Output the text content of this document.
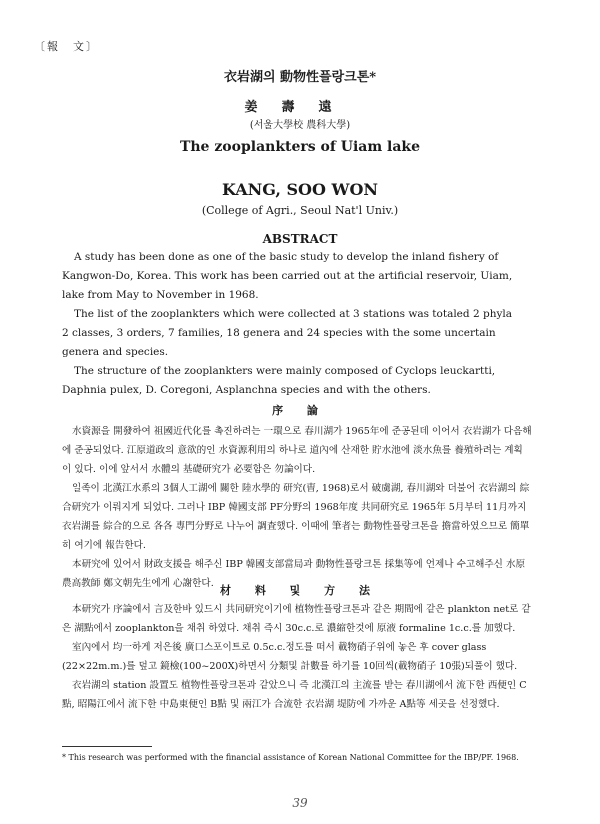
〔報　文〕
衣岩湖의 動物性플랑크톤*
姜壽遠
(서울大學校 農科大學)
The zooplankters of Uiam lake
KANG, SOO WON
(College of Agri., Seoul Nat'l Univ.)
ABSTRACT

A study has been done as one of the basic study to develop the inland fishery of Kangwon-Do, Korea. This work has been carried out at the artificial reservoir, Uiam, lake from May to November in 1968.

The list of the zooplankters which were collected at 3 stations was totaled 2 phyla 2 classes, 3 orders, 7 families, 18 genera and 24 species with the some uncertain genera and species.

The structure of the zooplankters were mainly composed of Cyclops leuckartti, Daphnia pulex, D. Coregoni, Asplanchna species and with the others.

序 論

水資源을 開發하여 祖國近代化를 촉진하려는 一環으로 春川湖가 1965年에 준공된데 이어서 衣岩湖가 다음해에 준공되었다. 江原道政의 意欲的인 水資源利用의 하나로 道內에 산재한 貯水池에 淡水魚를 養殖하려는 계획이 있다. 이에 앞서서 水體의 基礎研究가 必要함은 勿論이다.

일족이 北漢江水系의 3個人工湖에 關한 陸水學的 研究(曺, 1968)로서 破虜湖, 春川湖와 더불어 衣岩湖의 綜合研究가 이뤄지게 되었다. 그러나 IBP 韓國支部 PF分野의 1968年度 共同研究로 1965年 5月부터 11月까지 衣岩湖를 綜合的으로 各各 專門分野로 나누어 調査했다. 이때에 筆者는 動物性플랑크톤을 擔當하였으므로 簡單히 여기에 報告한다.

本研究에 있어서 財政支援을 해주신 IBP 韓國支部當局과 動物性플랑크톤 採集等에 언제나 수고해주신 水原農高教師 鄭文朝先生에게 心謝한다.

材 料 및 方 法

本研究가 序論에서 言及한바 있드시 共同研究이기에 植物性플랑크톤과 같은 期間에 같은 plankton net로 같은 湖點에서 zooplankton을 채취 하였다. 채취 즉시 30c.c.로 濃縮한것에 原液 formaline 1c.c.를 加했다.

室內에서 均一하게 저은後 廣口스포이트로 0.5c.c.정도를 떠서 載物硝子위에 놓은 후 cover glass (22×22m.m.)를 덮고 鏡檢(100~200X)하면서 分類및 計數를 하기를 10回씩(載物硝子 10張)되풀이 했다.

衣岩湖의 station 設置도 植物性플랑크톤과 같았으니 즉 北漢江의 主流를 받는 春川湖에서 流下한 西便인 C點, 昭陽江에서 流下한 中島東便인 B點 및 兩江가 合流한 衣岩湖 堤防에 가까운 A點等 세곳을 선정했다.

* This research was performed with the financial assistance of Korean National Committee for the IBP/PF. 1968.
39
